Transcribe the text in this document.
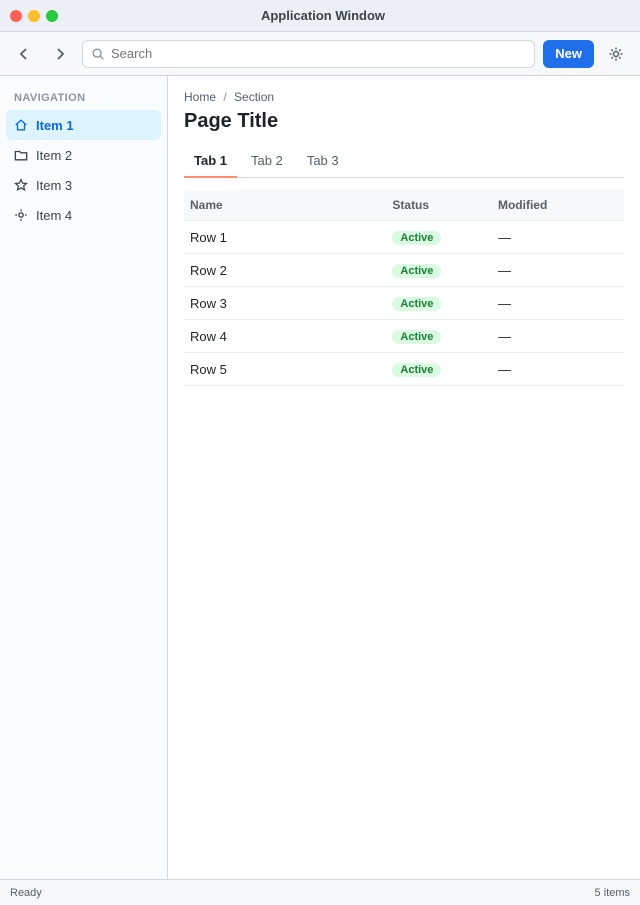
Application Window
Search
New
NAVIGATION
Item 1
Item 2
Item 3
Item 4
Home / Section
Page Title
Tab 1	Tab 2	Tab 3
Name	Status	Modified
Row 1	Active	—
Row 2	Active	—
Row 3	Active	—
Row 4	Active	—
Row 5	Active	—
Ready	5 items
